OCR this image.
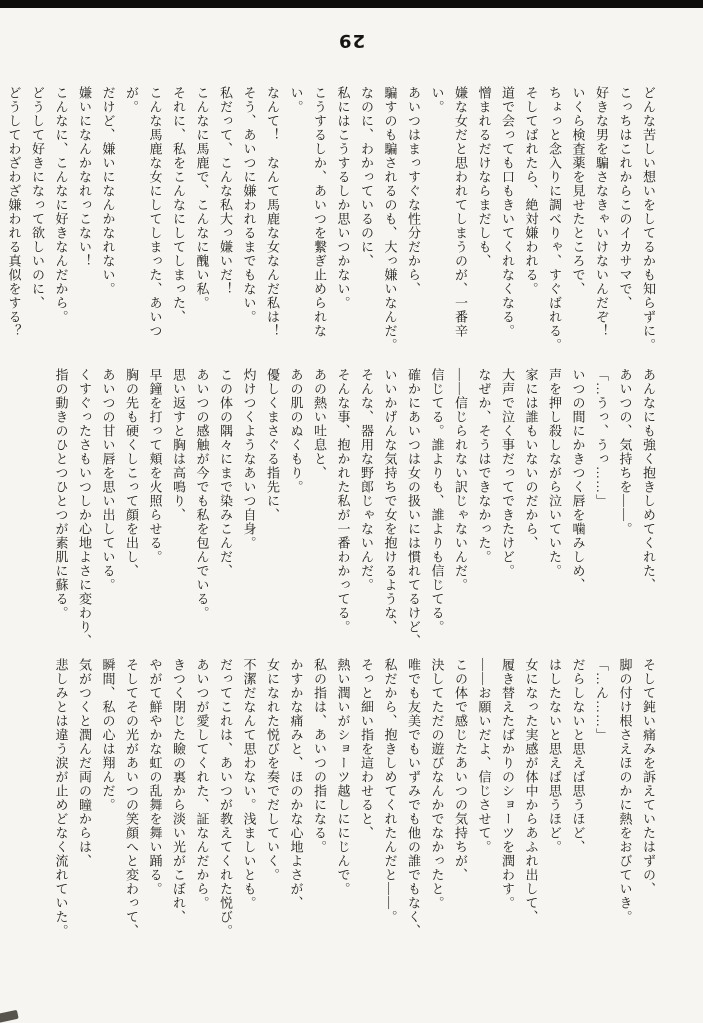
29

どんな苦しい想いをしてるかも知らずに。

こっちはこれからこのイカサマで、

好きな男を騙さなきゃいけないんだぞ！

いくら検査薬を見せたところで、

ちょっと念入りに調べりゃ、すぐばれる。

そしてばれたら、絶対嫌われる。

道で会っても口もきいてくれなくなる。

憎まれるだけならまだしも、

嫌な女だと思われてしまうのが、一番辛い。

あいつはまっすぐな性分だから、

騙すのも騙されるのも、大っ嫌いなんだ。

なのに、わかっているのに、

私にはこうするしか思いつかない。

こうするしか、あいつを繋ぎ止められない。

なんて！　なんて馬鹿な女なんだ私は！

そう、あいつに嫌われるまでもない。

私だって、こんな私大っ嫌いだ！

こんなに馬鹿で、こんなに醜い私。

それに、私をこんなにしてしまった、

こんな馬鹿な女にしてしまった、あいつが。

だけど、嫌いになんかなれない。

嫌いになんかなれっこない！

こんなに、こんなに好きなんだから。

どうして好きになって欲しいのに、

どうしてわざわざ嫌われる真似をする？

あんなにも強く抱きしめてくれた、

あいつの、気持ちを――。

「…うっ、うっ……」

いつの間にかきつく唇を噛みしめ、

声を押し殺しながら泣いていた。

家には誰もいないのだから、

大声で泣く事だってできたけど。

なぜか、そうはできなかった。

――信じられない訳じゃないんだ。

信じてる。誰よりも、誰よりも信じてる。

確かにあいつは女の扱いには慣れてるけど、

いいかげんな気持ちで女を抱けるような、

そんな、器用な野郎じゃないんだ。

そんな事、抱かれた私が一番わかってる。

あの熱い吐息と、

あの肌のぬくもり。

優しくまさぐる指先に、

灼けつくようなあいつ自身。

この体の隅々にまで染みこんだ、

あいつの感触が今でも私を包んでいる。

思い返すと胸は高鳴り、

早鐘を打って頬を火照らせる。

胸の先も硬くしこって顔を出し、

あいつの甘い唇を思い出している。

くすぐったさもいつしか心地よさに変わり、

指の動きのひとつひとつが素肌に蘇る。

そして鈍い痛みを訴えていたはずの、

脚の付け根さえほのかに熱をおびていき。

「…ん……」

だらしないと思えば思うほど、

はしたないと思えば思うほど。

女になった実感が体中からあふれ出して、

履き替えたばかりのショーツを潤わす。

――お願いだよ、信じさせて。

この体で感じたあいつの気持ちが、

決してただの遊びなんかでなかったと。

唯でも友美でもいずみでも他の誰でもなく、

私だから、抱きしめてくれたんだと――。

そっと細い指を這わせると、

熱い潤いがショーツ越しににじんで。

私の指は、あいつの指になる。

かすかな痛みと、ほのかな心地よさが、

女になれた悦びを奏でだしていく。

不潔だなんて思わない。浅ましいとも。

だってこれは、あいつが教えてくれた悦び。

あいつが愛してくれた、証なんだから。

きつく閉じた瞼の裏から淡い光がこぼれ、

やがて鮮やかな虹の乱舞を舞い踊る。

そしてその光があいつの笑顔へと変わって、

瞬間、私の心は翔んだ。

気がつくと潤んだ両の瞳からは、

悲しみとは違う涙が止めどなく流れていた。
